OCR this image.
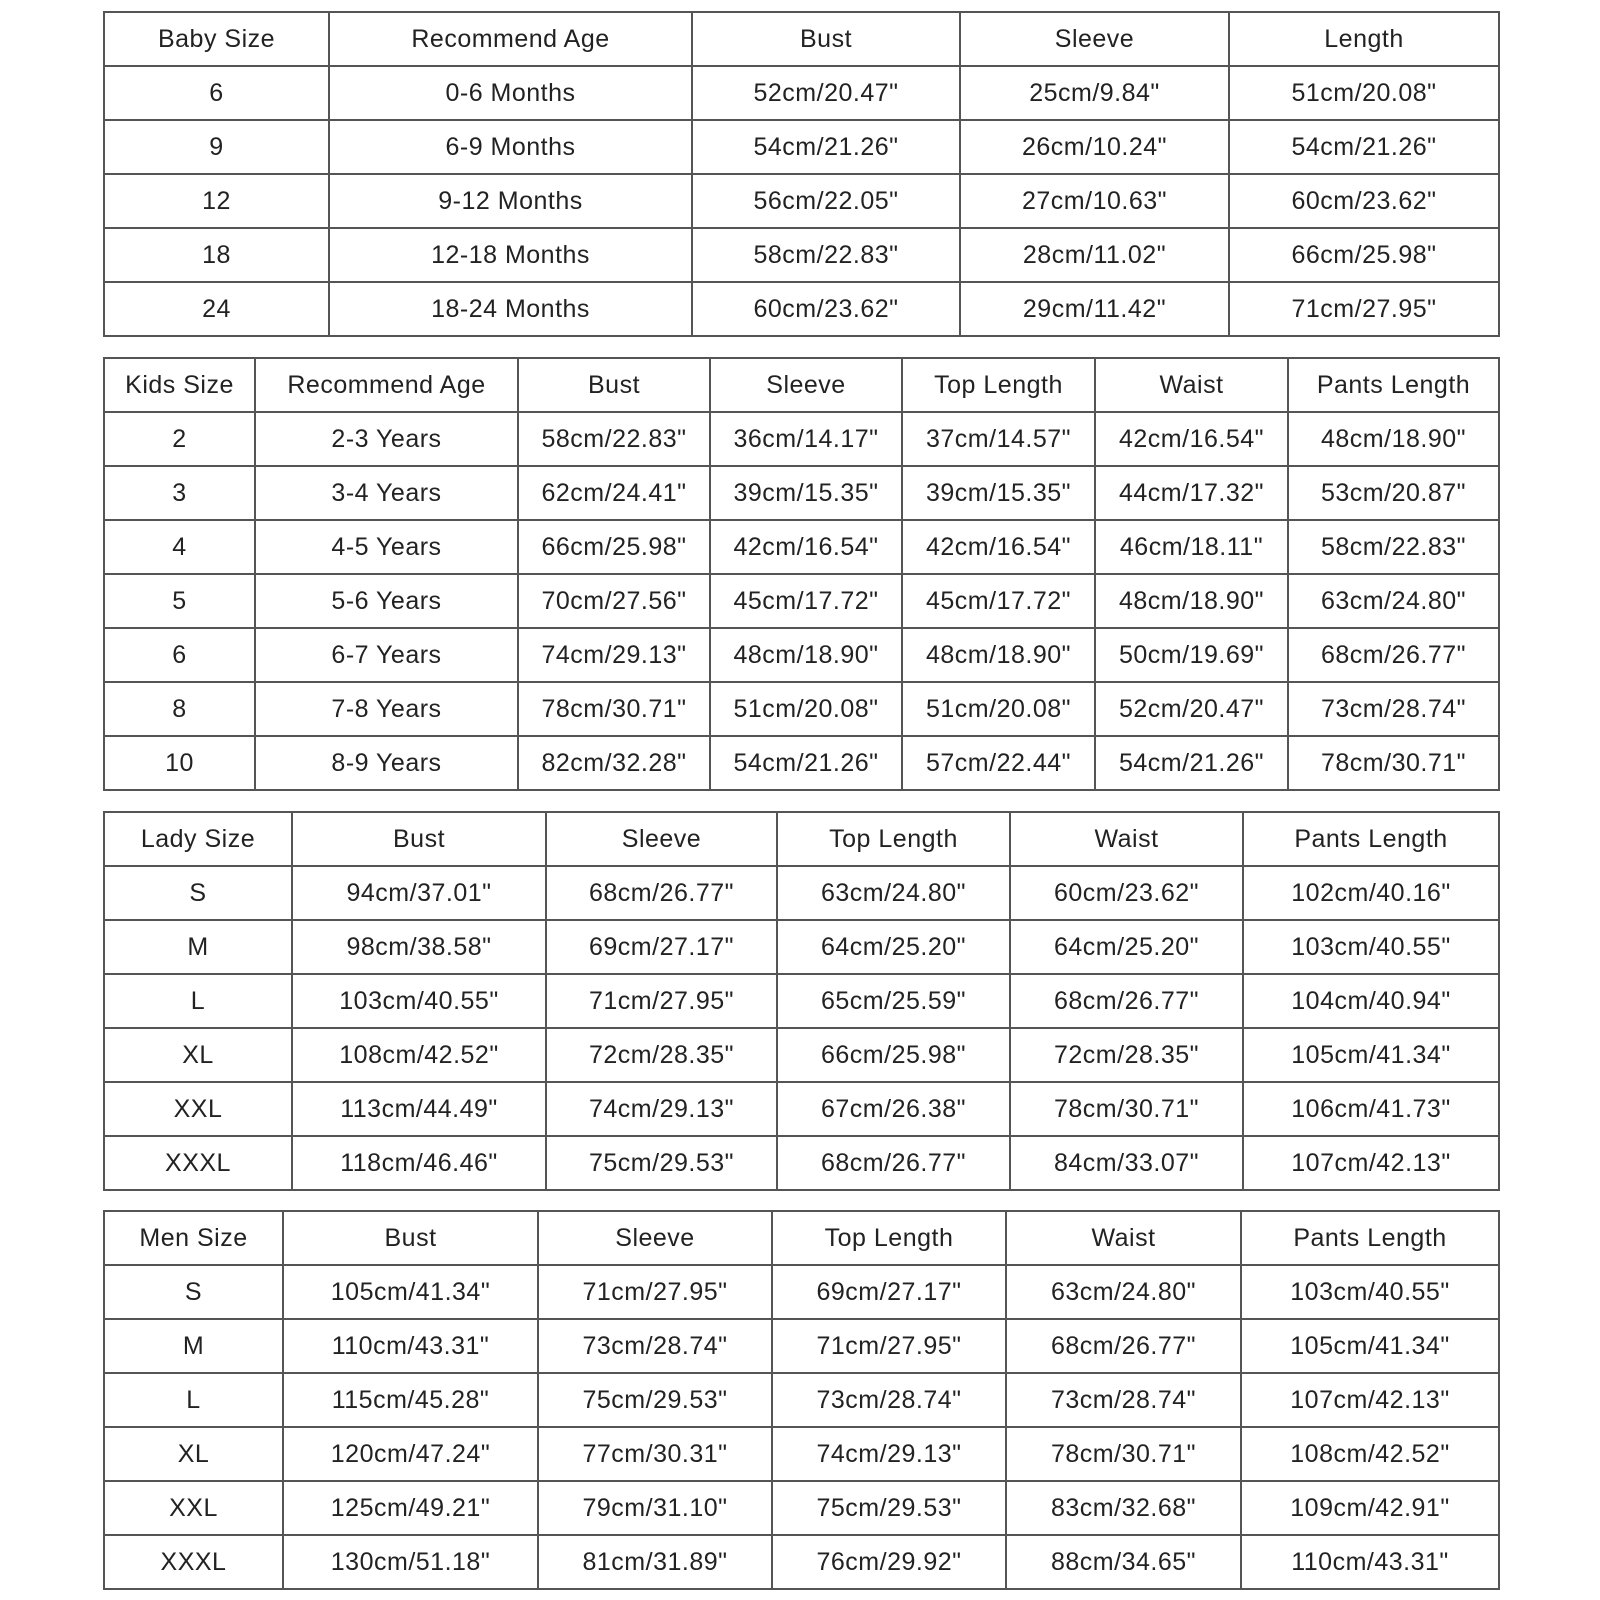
Baby Size	Recommend Age	Bust	Sleeve	Length
6	0-6 Months	52cm/20.47"	25cm/9.84"	51cm/20.08"
9	6-9 Months	54cm/21.26"	26cm/10.24"	54cm/21.26"
12	9-12 Months	56cm/22.05"	27cm/10.63"	60cm/23.62"
18	12-18 Months	58cm/22.83"	28cm/11.02"	66cm/25.98"
24	18-24 Months	60cm/23.62"	29cm/11.42"	71cm/27.95"
Kids Size	Recommend Age	Bust	Sleeve	Top Length	Waist	Pants Length
2	2-3 Years	58cm/22.83"	36cm/14.17"	37cm/14.57"	42cm/16.54"	48cm/18.90"
3	3-4 Years	62cm/24.41"	39cm/15.35"	39cm/15.35"	44cm/17.32"	53cm/20.87"
4	4-5 Years	66cm/25.98"	42cm/16.54"	42cm/16.54"	46cm/18.11"	58cm/22.83"
5	5-6 Years	70cm/27.56"	45cm/17.72"	45cm/17.72"	48cm/18.90"	63cm/24.80"
6	6-7 Years	74cm/29.13"	48cm/18.90"	48cm/18.90"	50cm/19.69"	68cm/26.77"
8	7-8 Years	78cm/30.71"	51cm/20.08"	51cm/20.08"	52cm/20.47"	73cm/28.74"
10	8-9 Years	82cm/32.28"	54cm/21.26"	57cm/22.44"	54cm/21.26"	78cm/30.71"
Lady Size	Bust	Sleeve	Top Length	Waist	Pants Length
S	94cm/37.01"	68cm/26.77"	63cm/24.80"	60cm/23.62"	102cm/40.16"
M	98cm/38.58"	69cm/27.17"	64cm/25.20"	64cm/25.20"	103cm/40.55"
L	103cm/40.55"	71cm/27.95"	65cm/25.59"	68cm/26.77"	104cm/40.94"
XL	108cm/42.52"	72cm/28.35"	66cm/25.98"	72cm/28.35"	105cm/41.34"
XXL	113cm/44.49"	74cm/29.13"	67cm/26.38"	78cm/30.71"	106cm/41.73"
XXXL	118cm/46.46"	75cm/29.53"	68cm/26.77"	84cm/33.07"	107cm/42.13"
Men Size	Bust	Sleeve	Top Length	Waist	Pants Length
S	105cm/41.34"	71cm/27.95"	69cm/27.17"	63cm/24.80"	103cm/40.55"
M	110cm/43.31"	73cm/28.74"	71cm/27.95"	68cm/26.77"	105cm/41.34"
L	115cm/45.28"	75cm/29.53"	73cm/28.74"	73cm/28.74"	107cm/42.13"
XL	120cm/47.24"	77cm/30.31"	74cm/29.13"	78cm/30.71"	108cm/42.52"
XXL	125cm/49.21"	79cm/31.10"	75cm/29.53"	83cm/32.68"	109cm/42.91"
XXXL	130cm/51.18"	81cm/31.89"	76cm/29.92"	88cm/34.65"	110cm/43.31"
